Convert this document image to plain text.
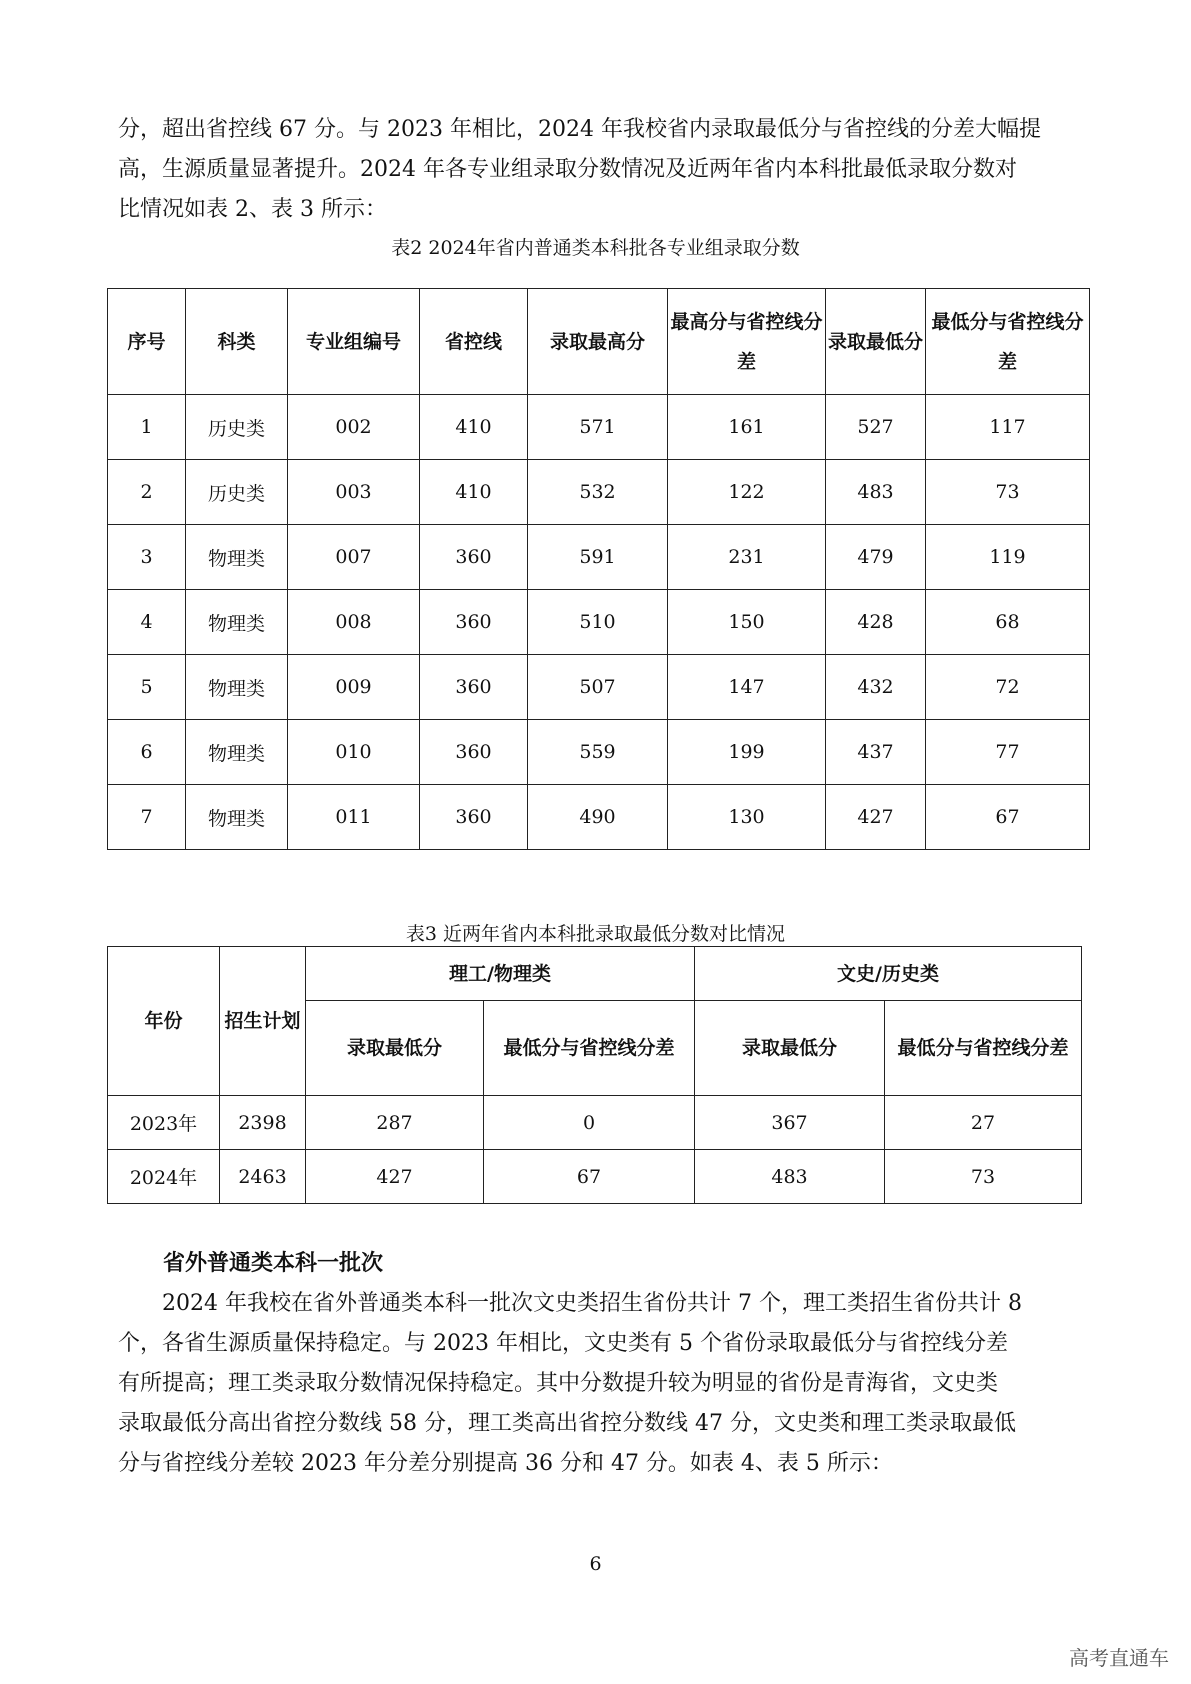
分，超出省控线 67 分。与 2023 年相比，2024 年我校省内录取最低分与省控线的分差大幅提
高，生源质量显著提升。2024 年各专业组录取分数情况及近两年省内本科批最低录取分数对
比情况如表 2、表 3 所示：

表2 2024年省内普通类本科批各专业组录取分数

序号	科类	专业组编号	省控线	录取最高分	最高分与省控线分差	录取最低分	最低分与省控线分差
1	历史类	002	410	571	161	527	117
2	历史类	003	410	532	122	483	73
3	物理类	007	360	591	231	479	119
4	物理类	008	360	510	150	428	68
5	物理类	009	360	507	147	432	72
6	物理类	010	360	559	199	437	77
7	物理类	011	360	490	130	427	67

表3 近两年省内本科批录取最低分数对比情况

年份	招生计划	理工/物理类		文史/历史类	
		录取最低分	最低分与省控线分差	录取最低分	最低分与省控线分差
2023年	2398	287	0	367	27
2024年	2463	427	67	483	73

省外普通类本科一批次

2024 年我校在省外普通类本科一批次文史类招生省份共计 7 个，理工类招生省份共计 8
个，各省生源质量保持稳定。与 2023 年相比，文史类有 5 个省份录取最低分与省控线分差
有所提高；理工类录取分数情况保持稳定。其中分数提升较为明显的省份是青海省，文史类
录取最低分高出省控分数线 58 分，理工类高出省控分数线 47 分，文史类和理工类录取最低
分与省控线分差较 2023 年分差分别提高 36 分和 47 分。如表 4、表 5 所示：

6

高考直通车
